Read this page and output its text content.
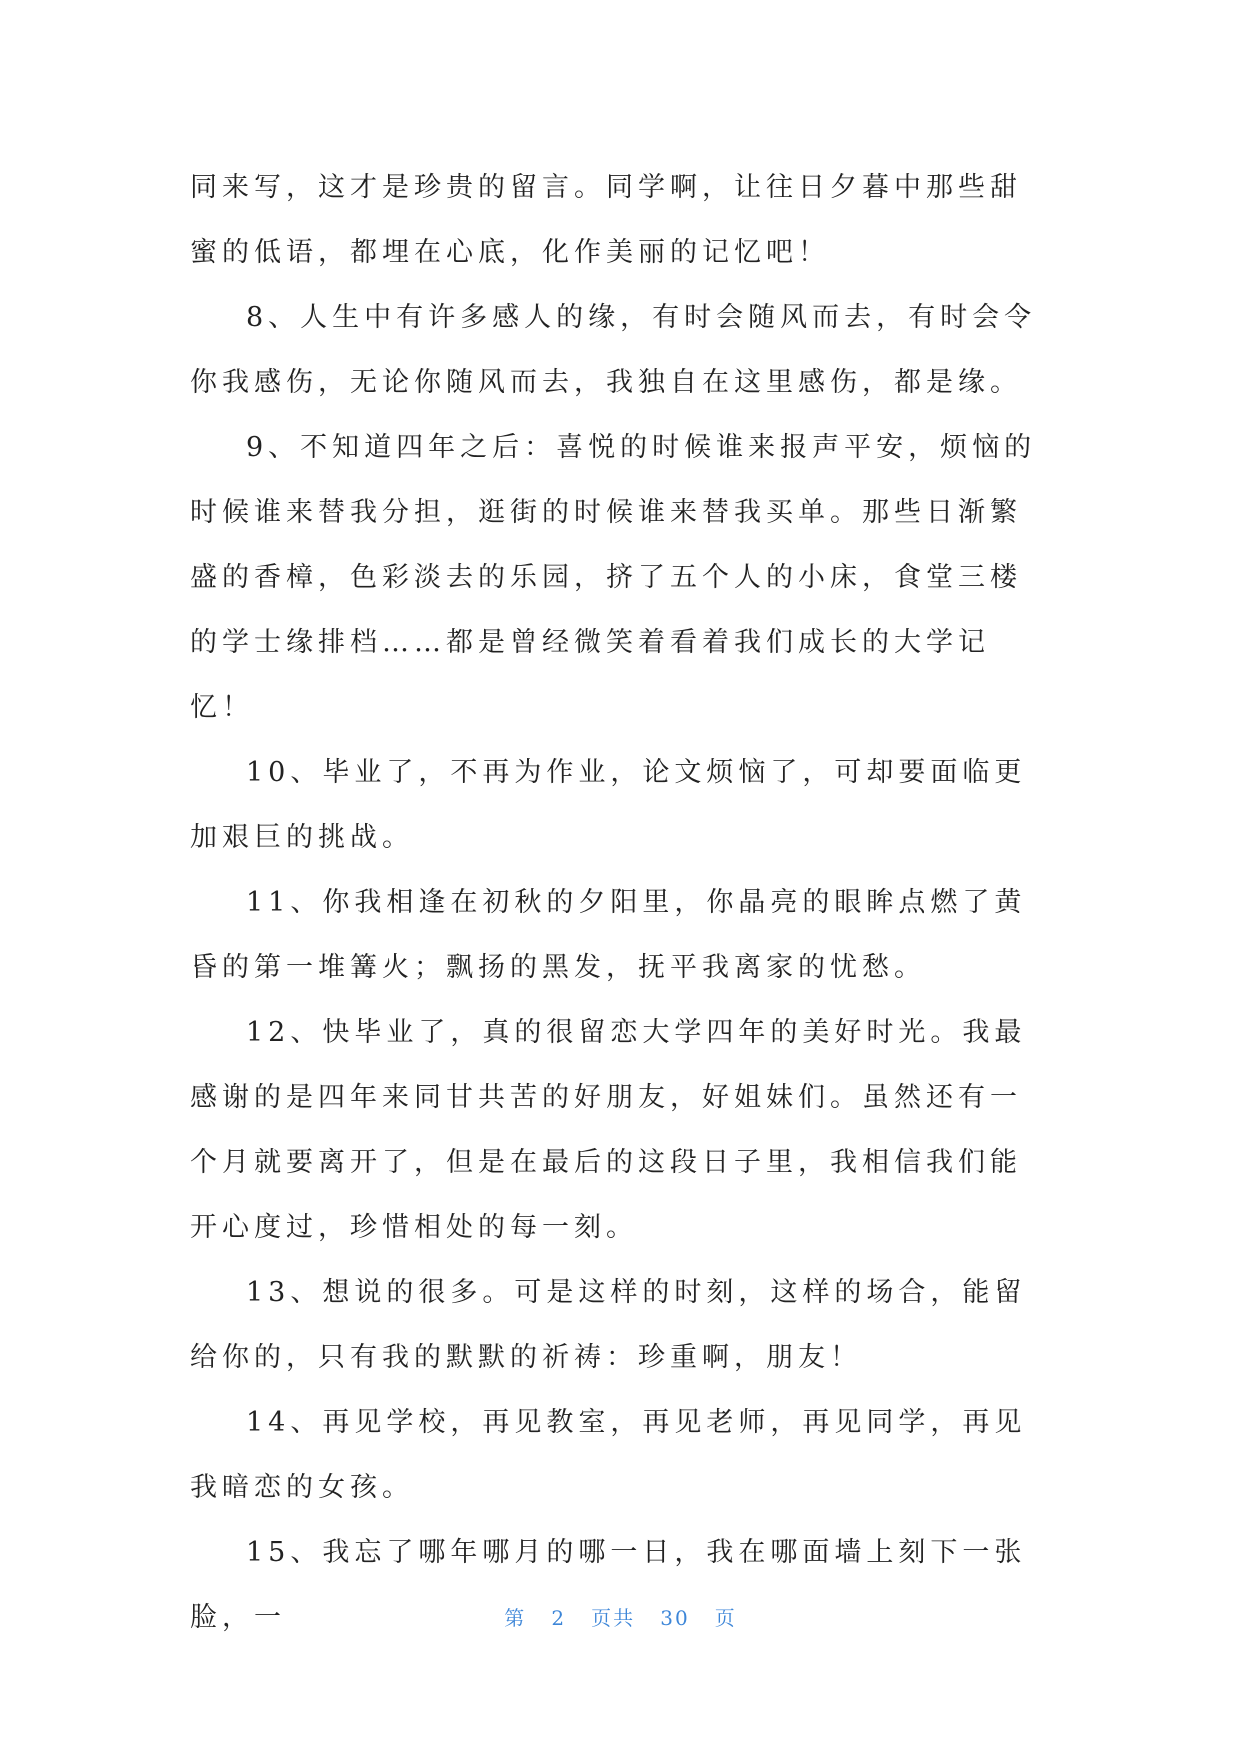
同来写，这才是珍贵的留言。同学啊，让往日夕暮中那些甜蜜的低语，都埋在心底，化作美丽的记忆吧！

8、人生中有许多感人的缘，有时会随风而去，有时会令你我感伤，无论你随风而去，我独自在这里感伤，都是缘。

9、不知道四年之后：喜悦的时候谁来报声平安，烦恼的时候谁来替我分担，逛街的时候谁来替我买单。那些日渐繁盛的香樟，色彩淡去的乐园，挤了五个人的小床，食堂三楼的学士缘排档……都是曾经微笑着看着我们成长的大学记忆！

10、毕业了，不再为作业，论文烦恼了，可却要面临更加艰巨的挑战。

11、你我相逢在初秋的夕阳里，你晶亮的眼眸点燃了黄昏的第一堆篝火；飘扬的黑发，抚平我离家的忧愁。

12、快毕业了，真的很留恋大学四年的美好时光。我最感谢的是四年来同甘共苦的好朋友，好姐妹们。虽然还有一个月就要离开了，但是在最后的这段日子里，我相信我们能开心度过，珍惜相处的每一刻。

13、想说的很多。可是这样的时刻，这样的场合，能留给你的，只有我的默默的祈祷：珍重啊，朋友！

14、再见学校，再见教室，再见老师，再见同学，再见我暗恋的女孩。

15、我忘了哪年哪月的哪一日，我在哪面墙上刻下一张脸，一	第 2 页共 30 页
